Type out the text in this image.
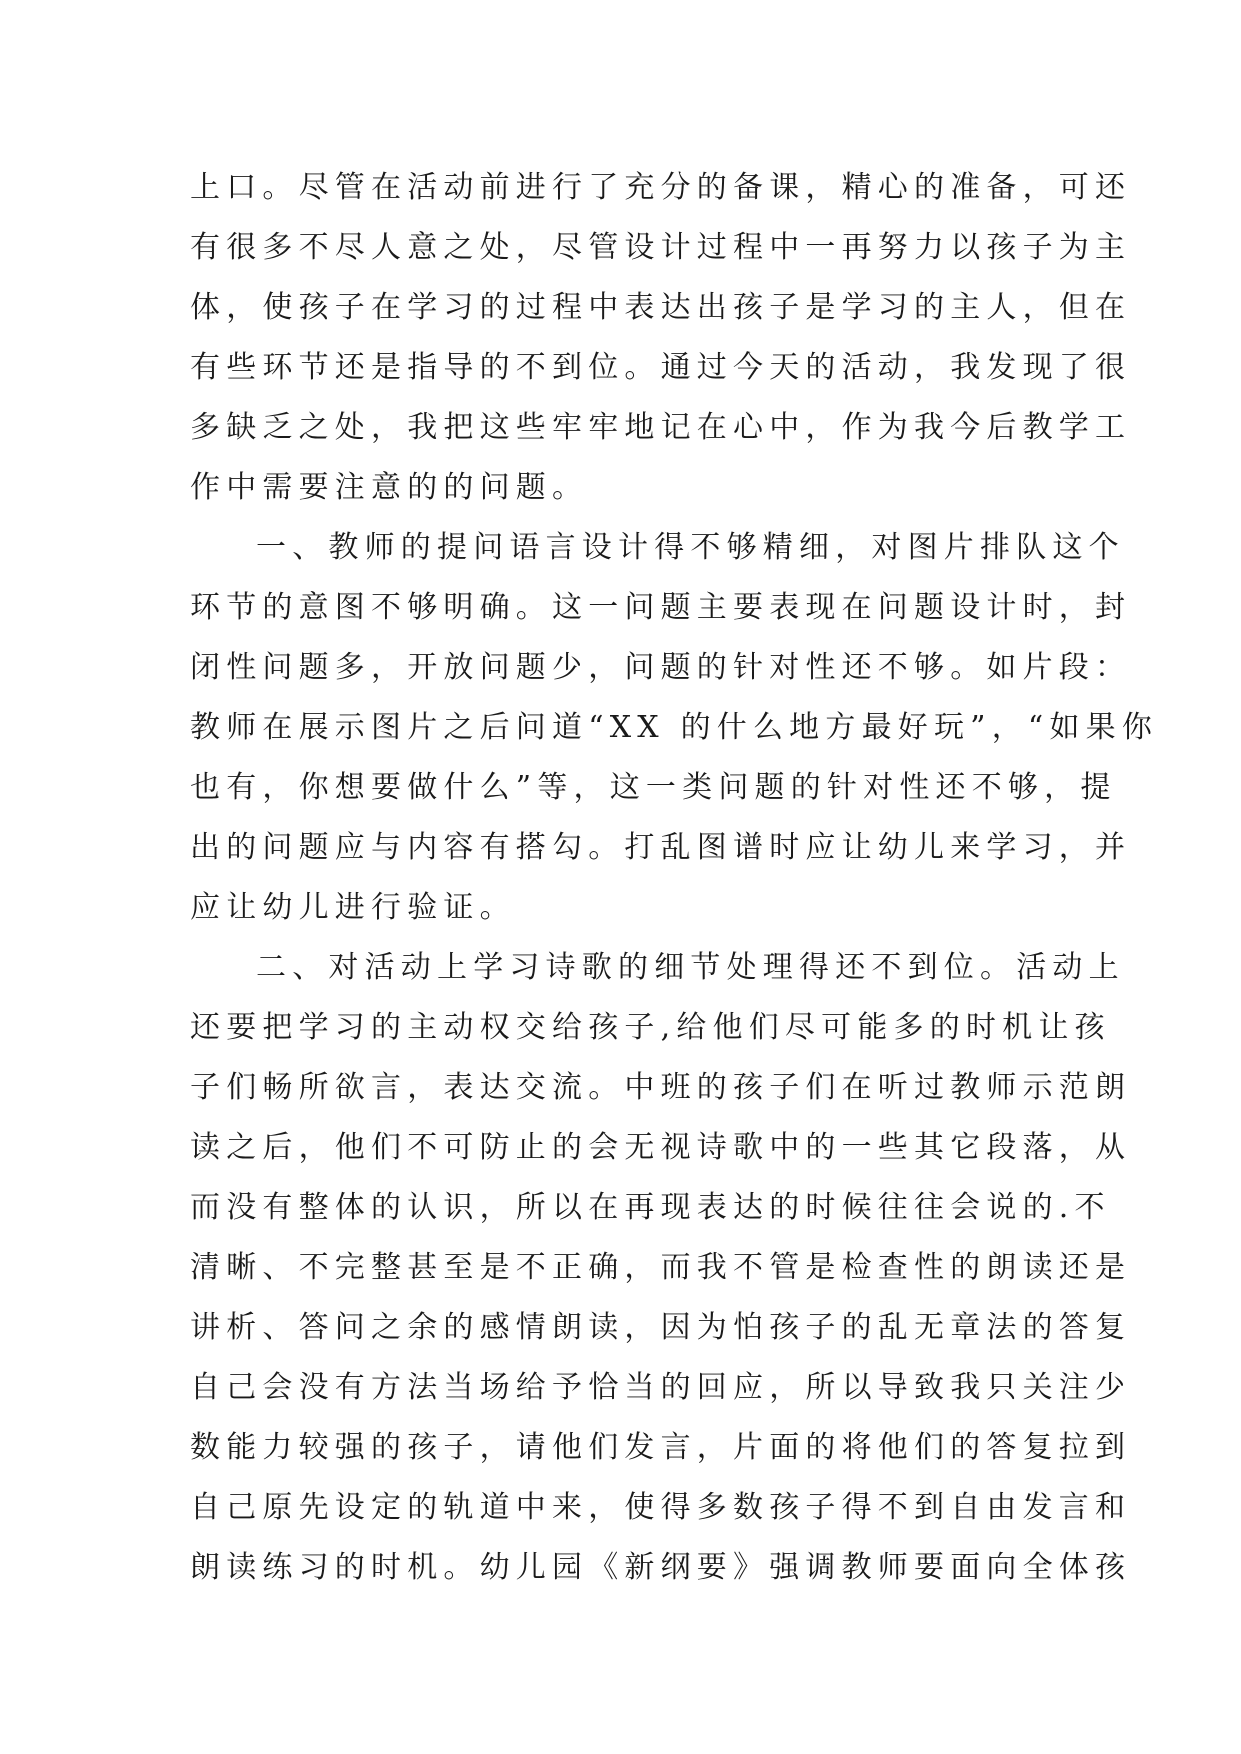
上口。尽管在活动前进行了充分的备课，精心的准备，可还
有很多不尽人意之处，尽管设计过程中一再努力以孩子为主
体，使孩子在学习的过程中表达出孩子是学习的主人，但在
有些环节还是指导的不到位。通过今天的活动，我发现了很
多缺乏之处，我把这些牢牢地记在心中，作为我今后教学工
作中需要注意的的问题。
一、教师的提问语言设计得不够精细，对图片排队这个
环节的意图不够明确。这一问题主要表现在问题设计时，封
闭性问题多，开放问题少，问题的针对性还不够。如片段：
教师在展示图片之后问道“XX 的什么地方最好玩”，“如果你
也有，你想要做什么”等，这一类问题的针对性还不够，提
出的问题应与内容有搭勾。打乱图谱时应让幼儿来学习，并
应让幼儿进行验证。
二、对活动上学习诗歌的细节处理得还不到位。活动上
还要把学习的主动权交给孩子,给他们尽可能多的时机让孩
子们畅所欲言，表达交流。中班的孩子们在听过教师示范朗
读之后，他们不可防止的会无视诗歌中的一些其它段落，从
而没有整体的认识，所以在再现表达的时候往往会说的.不
清晰、不完整甚至是不正确，而我不管是检查性的朗读还是
讲析、答问之余的感情朗读，因为怕孩子的乱无章法的答复
自己会没有方法当场给予恰当的回应，所以导致我只关注少
数能力较强的孩子，请他们发言，片面的将他们的答复拉到
自己原先设定的轨道中来，使得多数孩子得不到自由发言和
朗读练习的时机。幼儿园《新纲要》强调教师要面向全体孩
